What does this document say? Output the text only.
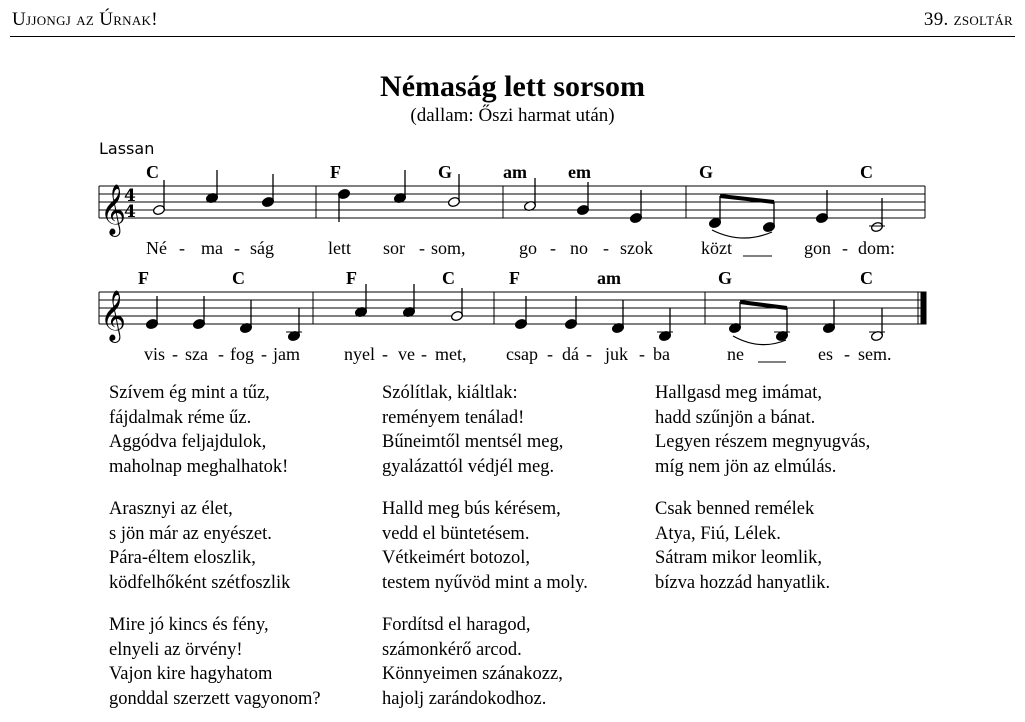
Ujjongj az Úrnak!	39. zsoltár
Némaság lett sorsom
(dallam: Őszi harmat után)
Lassan
𝄞
4 4
C	F	G	am em	G	C
Né - ma - ság	lett sor - som,	go - no - szok	közt	gon - dom:
𝄞
F	C	F	C	F	am	G	C
vis - sza - fog - jam nyel - ve - met, csap - dá - juk - ba	ne	es - sem.
Szívem ég mint a tűz,
fájdalmak réme űz.
Aggódva feljajdulok,
maholnap meghalhatok!
Arasznyi az élet,
s jön már az enyészet.
Pára-éltem eloszlik,
ködfelhőként szétfoszlik
Mire jó kincs és fény,
elnyeli az örvény!
Vajon kire hagyhatom
gonddal szerzett vagyonom?
Szólítlak, kiáltlak:
reményem tenálad!
Bűneimtől mentsél meg,
gyalázattól védjél meg.
Halld meg bús kérésem,
vedd el büntetésem.
Vétkeimért botozol,
testem nyűvöd mint a moly.
Fordítsd el haragod,
számonkérő arcod.
Könnyeimen szánakozz,
hajolj zarándokodhoz.
Hallgasd meg imámat,
hadd szűnjön a bánat.
Legyen részem megnyugvás,
míg nem jön az elmúlás.
Csak benned remélek
Atya, Fiú, Lélek.
Sátram mikor leomlik,
bízva hozzád hanyatlik.
